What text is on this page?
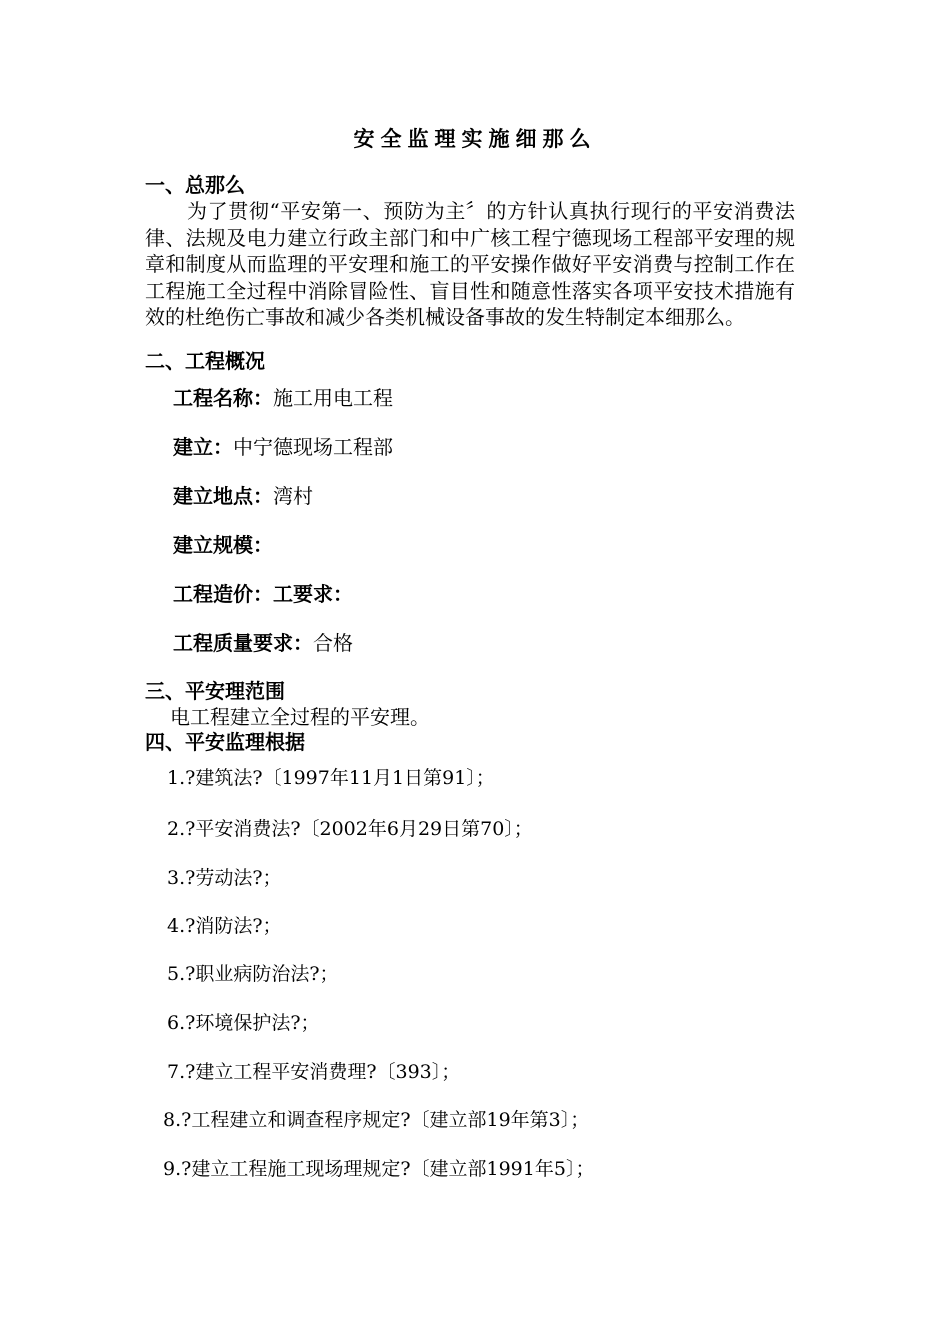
安全监理实施细那么
一、总那么
为了贯彻“平安第一、预防为主〞的方针认真执行现行的平安消费法律、法规及电力建立行政主部门和中广核工程宁德现场工程部平安理的规章和制度从而监理的平安理和施工的平安操作做好平安消费与控制工作在工程施工全过程中消除冒险性、盲目性和随意性落实各项平安技术措施有效的杜绝伤亡事故和减少各类机械设备事故的发生特制定本细那么。
二、工程概况
工程名称：施工用电工程
建立：中宁德现场工程部
建立地点：湾村
建立规模：
工程造价：工要求：
工程质量要求：合格
三、平安理范围
电工程建立全过程的平安理。
四、平安监理根据
1.?建筑法?〔1997年11月1日第91〕；
2.?平安消费法?〔2002年6月29日第70〕；
3.?劳动法?；
4.?消防法?；
5.?职业病防治法?；
6.?环境保护法?；
7.?建立工程平安消费理?〔393〕；
8.?工程建立和调查程序规定?〔建立部19年第3〕；
9.?建立工程施工现场理规定?〔建立部1991年5〕；
